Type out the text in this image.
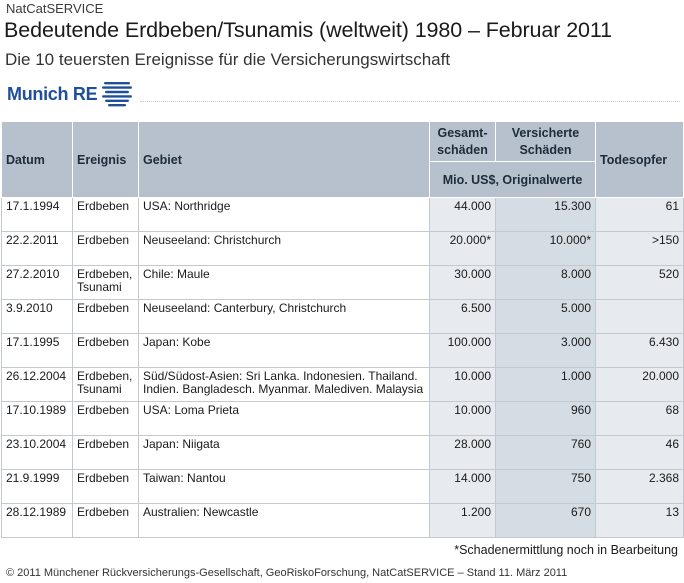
NatCatSERVICE
Bedeutende Erdbeben/Tsunamis (weltweit) 1980 – Februar 2011
Die 10 teuersten Ereignisse für die Versicherungswirtschaft
Munich RE
Datum	Ereignis	Gebiet	Gesamt-schäden	Versicherte Schäden	Todesopfer
			Mio. US$, Originalwerte		
17.1.1994	Erdbeben	USA: Northridge	44.000	15.300	61
22.2.2011	Erdbeben	Neuseeland: Christchurch	20.000*	10.000*	>150
27.2.2010	Erdbeben, Tsunami	Chile: Maule	30.000	8.000	520
3.9.2010	Erdbeben	Neuseeland: Canterbury, Christchurch	6.500	5.000	
17.1.1995	Erdbeben	Japan: Kobe	100.000	3.000	6.430
26.12.2004	Erdbeben, Tsunami	Süd/Südost-Asien: Sri Lanka. Indonesien. Thailand. Indien. Bangladesch. Myanmar. Malediven. Malaysia	10.000	1.000	20.000
17.10.1989	Erdbeben	USA: Loma Prieta	10.000	960	68
23.10.2004	Erdbeben	Japan: Niigata	28.000	760	46
21.9.1999	Erdbeben	Taiwan: Nantou	14.000	750	2.368
28.12.1989	Erdbeben	Australien: Newcastle	1.200	670	13
*Schadenermittlung noch in Bearbeitung
© 2011 Münchener Rückversicherungs-Gesellschaft, GeoRiskoForschung, NatCatSERVICE – Stand 11. März 2011
